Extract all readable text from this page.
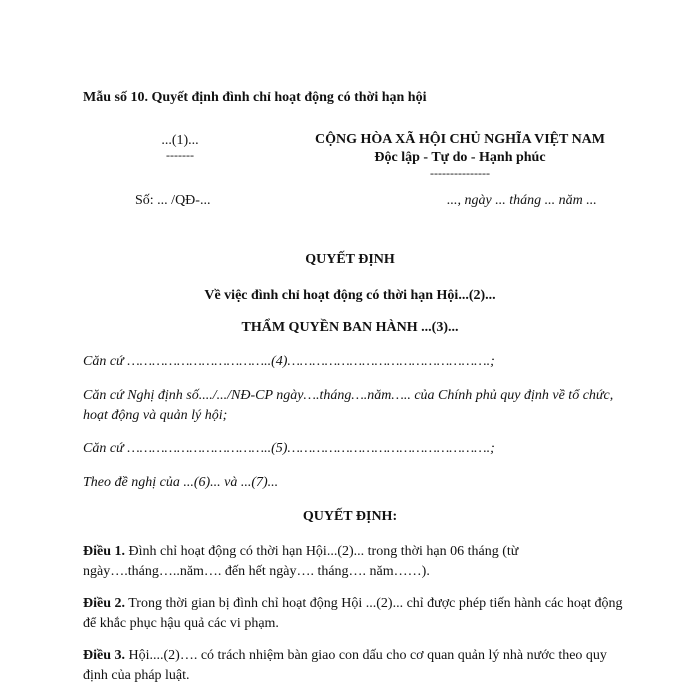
Mẫu số 10. Quyết định đình chỉ hoạt động có thời hạn hội
...(1)...
-------
CỘNG HÒA XÃ HỘI CHỦ NGHĨA VIỆT NAM
Độc lập - Tự do - Hạnh phúc
---------------
Số: ... /QĐ-...	..., ngày ... tháng ... năm ...
QUYẾT ĐỊNH
Về việc đình chỉ hoạt động có thời hạn Hội...(2)...
THẨM QUYỀN BAN HÀNH ...(3)...
Căn cứ ……………………………..(4)………………………………………….;
Căn cứ Nghị định số..../.../NĐ-CP ngày….tháng….năm….. của Chính phủ quy định về tổ chức, hoạt động và quản lý hội;
Căn cứ ……………………………..(5)………………………………………….;
Theo đề nghị của ...(6)... và ...(7)...
QUYẾT ĐỊNH:
Điều 1. Đình chỉ hoạt động có thời hạn Hội...(2)... trong thời hạn 06 tháng (từ ngày….tháng…..năm…. đến hết ngày…. tháng…. năm……).
Điều 2. Trong thời gian bị đình chỉ hoạt động Hội ...(2)... chỉ được phép tiến hành các hoạt động để khắc phục hậu quả các vi phạm.
Điều 3. Hội....(2)…. có trách nhiệm bàn giao con dấu cho cơ quan quản lý nhà nước theo quy định của pháp luật.
